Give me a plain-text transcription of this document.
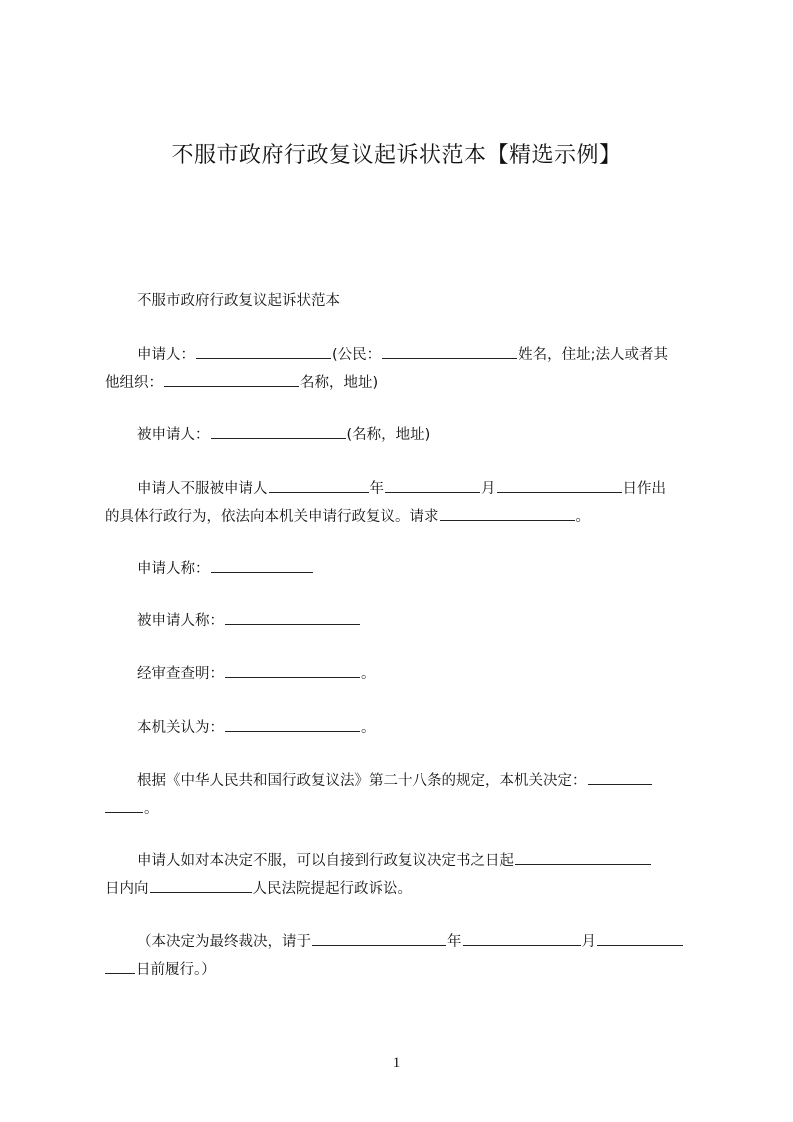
不服市政府行政复议起诉状范本【精选示例】
不服市政府行政复议起诉状范本
申请人：	(公民：	姓名，住址;法人或者其
他组织：	名称，地址)
被申请人：	(名称，地址)
申请人不服被申请人	年	月	日作出
的具体行政行为，依法向本机关申请行政复议。请求	。
申请人称：
被申请人称：
经审查查明：	。
本机关认为：	。
根据《中华人民共和国行政复议法》第二十八条的规定，本机关决定：
。
申请人如对本决定不服，可以自接到行政复议决定书之日起
日内向	人民法院提起行政诉讼。
（本决定为最终裁决，请于	年	月
日前履行。）
1
